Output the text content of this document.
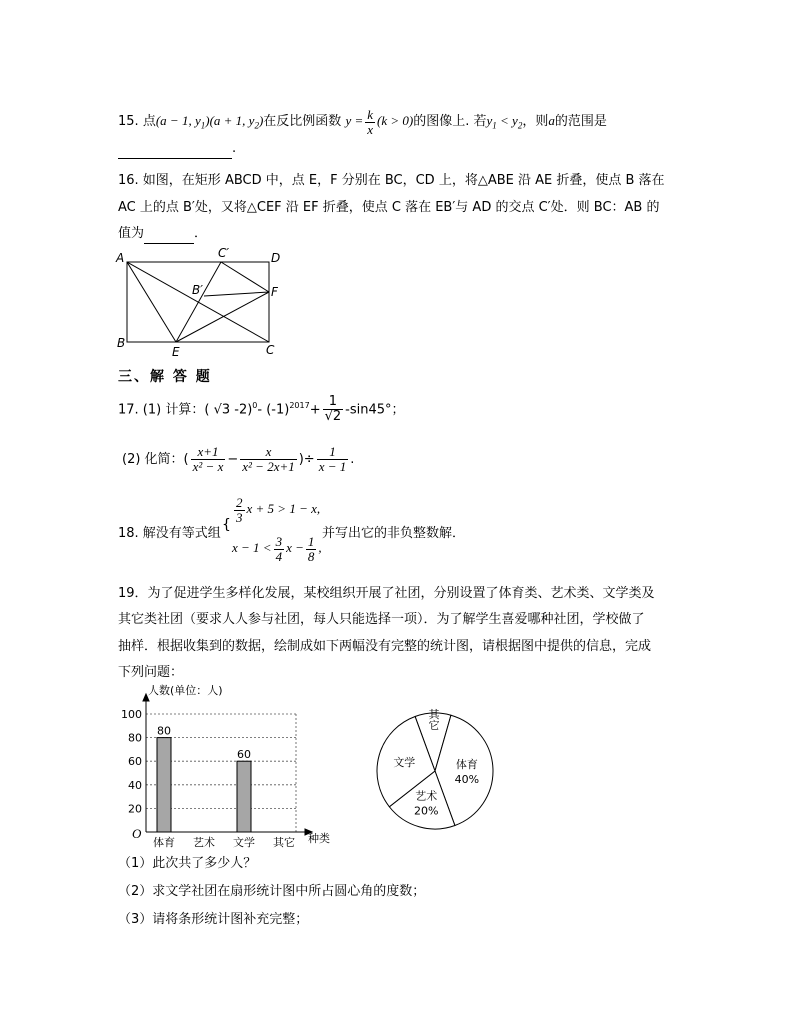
15. 点(a − 1, $y_1)(a + 1$, $y_2$)在反比例函数 $y = \frac{k}{x} (k > 0)$的图像上. 若$y_1 < y_2$，则a的范围是
.
16. 如图，在矩形 ABCD 中，点 E，F 分别在 BC，CD 上，将△ABE 沿 AE 折叠，使点 B 落在
AC 上的点 B′处，又将△CEF 沿 EF 折叠，使点 C 落在 EB′与 AD 的交点 C′处．则 BC：AB 的
值为	．
A	C′	D
B′	F
B
E	C
三、解 答 题
17. (1) 计算：( √3 -2)$^0$- $(-1)^{2017}+ \frac{1}{√2} -\sin 45^\circ$；
(2) 化简：( $\frac{x+1}{\text{x² − x}} - \frac{x}{\text{x² − 2x+1}}$ )÷ $\frac{1}{x - 1}$ .
18. 解没有等式组
{
$\frac{2}{3}$ x + 5 > 1 − x,
$x - 1 < \frac{3}{4}$ $x - \frac{1}{8}$ ,
并写出它的非负整数解．
19．为了促进学生多样化发展，某校组织开展了社团，分别设置了体育类、艺术类、文学类及
其它类社团（要求人人参与社团，每人只能选择一项）．为了解学生喜爱哪种社团，学校做了
抽样．根据收集到的数据，绘制成如下两幅没有完整的统计图，请根据图中提供的信息，完成
下列问题：
人数(单位：人)
20
40
60
80
100
80
60
体育 艺术 文学 其它
O	种类
其它
体育
40%
艺术
20%
文学
（1）此次共了多少人？
（2）求文学社团在扇形统计图中所占圆心角的度数；
（3）请将条形统计图补充完整；
